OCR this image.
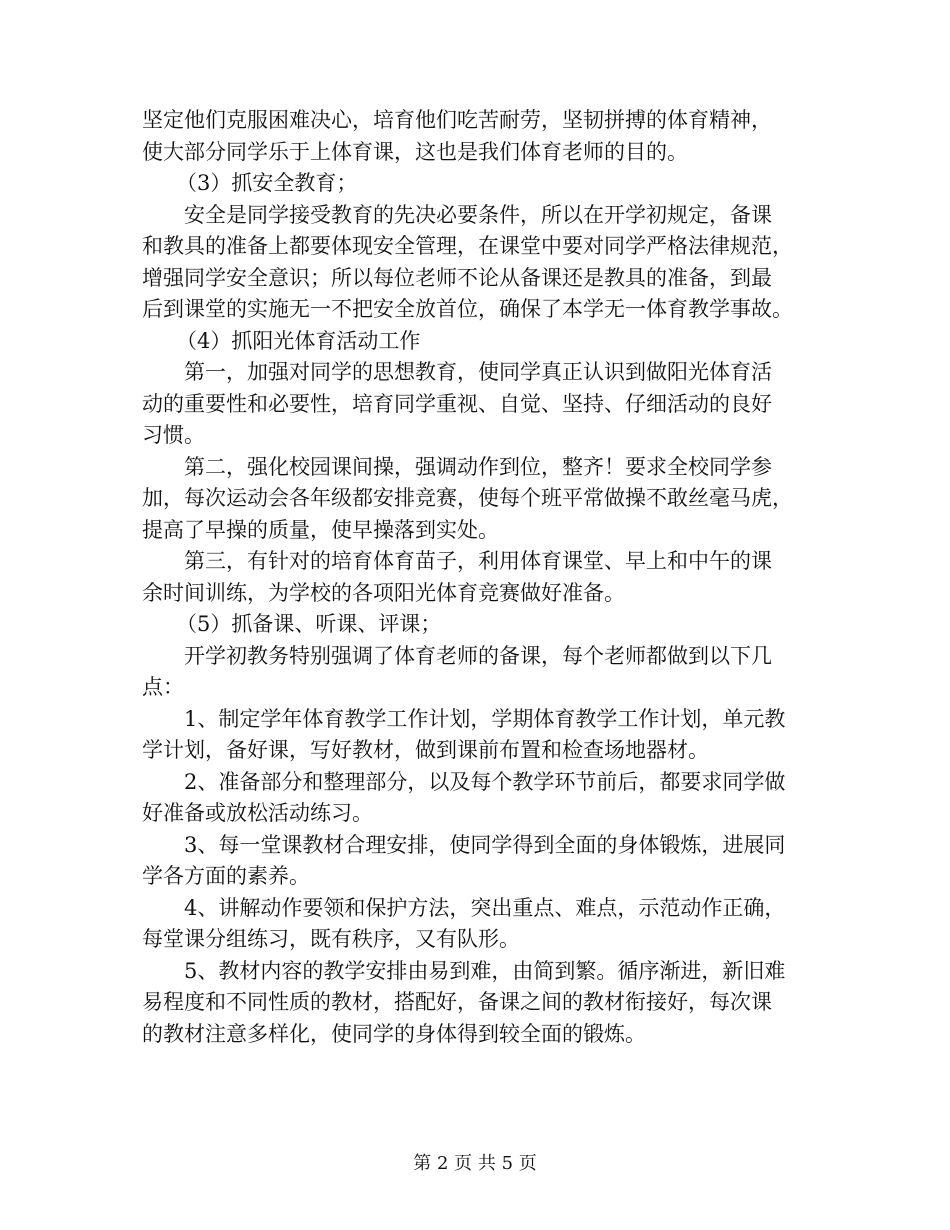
坚定他们克服困难决心，培育他们吃苦耐劳，坚韧拼搏的体育精神，
使大部分同学乐于上体育课，这也是我们体育老师的目的。
（3）抓安全教育；
安全是同学接受教育的先决必要条件，所以在开学初规定，备课
和教具的准备上都要体现安全管理，在课堂中要对同学严格法律规范，
增强同学安全意识；所以每位老师不论从备课还是教具的准备，到最
后到课堂的实施无一不把安全放首位，确保了本学无一体育教学事故。
（4）抓阳光体育活动工作
第一，加强对同学的思想教育，使同学真正认识到做阳光体育活
动的重要性和必要性，培育同学重视、自觉、坚持、仔细活动的良好
习惯。
第二，强化校园课间操，强调动作到位，整齐！要求全校同学参
加，每次运动会各年级都安排竞赛，使每个班平常做操不敢丝毫马虎，
提高了早操的质量，使早操落到实处。
第三，有针对的培育体育苗子，利用体育课堂、早上和中午的课
余时间训练，为学校的各项阳光体育竞赛做好准备。
（5）抓备课、听课、评课；
开学初教务特别强调了体育老师的备课，每个老师都做到以下几
点：
1、制定学年体育教学工作计划，学期体育教学工作计划，单元教
学计划，备好课，写好教材，做到课前布置和检查场地器材。
2、准备部分和整理部分，以及每个教学环节前后，都要求同学做
好准备或放松活动练习。
3、每一堂课教材合理安排，使同学得到全面的身体锻炼，进展同
学各方面的素养。
4、讲解动作要领和保护方法，突出重点、难点，示范动作正确，
每堂课分组练习，既有秩序，又有队形。
5、教材内容的教学安排由易到难，由简到繁。循序渐进，新旧难
易程度和不同性质的教材，搭配好，备课之间的教材衔接好，每次课
的教材注意多样化，使同学的身体得到较全面的锻炼。
第 2 页 共 5 页
